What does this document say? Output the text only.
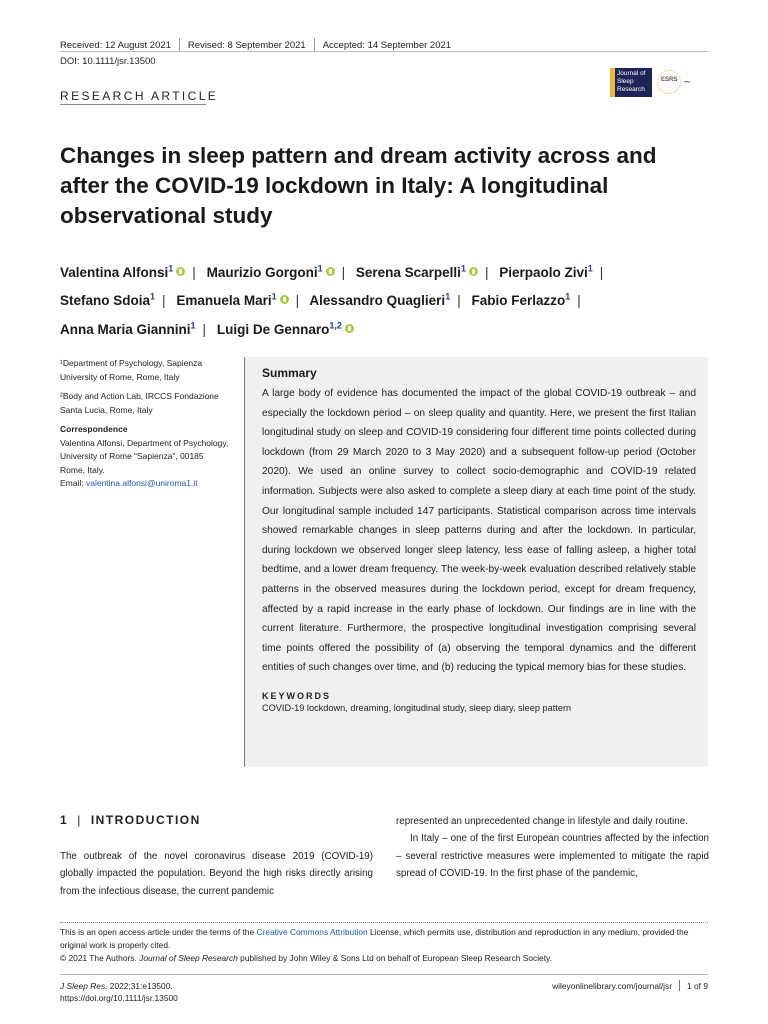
Received: 12 August 2021 Revised: 8 September 2021 Accepted: 14 September 2021
DOI: 10.1111/jsr.13500
RESEARCH ARTICLE
Journal of
Sleep
Research
ESRS ~
Changes in sleep pattern and dream activity across and after the COVID-19 lockdown in Italy: A longitudinal observational study
Valentina Alfonsi$^1$ | Maurizio Gorgoni$^1$ | Serena Scarpelli$^1$ | Pierpaolo Zivi$^1$ |
Stefano Sdoia$^1$ | Emanuela Mari$^1$ | Alessandro Quaglieri$^1$ | Fabio Ferlazzo$^1$ |
Anna Maria Giannini$^1$ | Luigi De Gennaro$^{1,2}$

¹Department of Psychology, Sapienza University of Rome, Rome, Italy

²Body and Action Lab, IRCCS Fondazione Santa Lucia, Rome, Italy

Correspondence

Valentina Alfonsi, Department of Psychology, University of Rome “Sapienza”, 00185 Rome, Italy.

Email: valentina.alfonsi@uniroma1.it

Summary

A large body of evidence has documented the impact of the global COVID-19 outbreak – and especially the lockdown period – on sleep quality and quantity. Here, we present the first Italian longitudinal study on sleep and COVID-19 considering four different time points collected during lockdown (from 29 March 2020 to 3 May 2020) and a subsequent follow-up period (October 2020). We used an online survey to collect socio-demographic and COVID-19 related information. Subjects were also asked to complete a sleep diary at each time point of the study. Our longitudinal sample included 147 participants. Statistical comparison across time intervals showed remarkable changes in sleep patterns during and after the lockdown. In particular, during lockdown we observed longer sleep latency, less ease of falling asleep, a higher total bedtime, and a lower dream frequency. The week-by-week evaluation described relatively stable patterns in the observed measures during the lockdown period, except for dream frequency, affected by a rapid increase in the early phase of lockdown. Our findings are in line with the current literature. Furthermore, the prospective longitudinal investigation comprising several time points offered the possibility of (a) observing the temporal dynamics and the different entities of such changes over time, and (b) reducing the typical memory bias for these studies.

KEYWORDS
COVID-19 lockdown, dreaming, longitudinal study, sleep diary, sleep pattern
1 | INTRODUCTION

The outbreak of the novel coronavirus disease 2019 (COVID-19) globally impacted the population. Beyond the high risks directly arising from the infectious disease, the current pandemic

represented an unprecedented change in lifestyle and daily routine.

In Italy – one of the first European countries affected by the infection – several restrictive measures were implemented to mitigate the rapid spread of COVID-19. In the first phase of the pandemic,

This is an open access article under the terms of the Creative Commons Attribution License, which permits use, distribution and reproduction in any medium, provided the original work is properly cited.

© 2021 The Authors. Journal of Sleep Research published by John Wiley & Sons Ltd on behalf of European Sleep Research Society.

J Sleep Res. 2022;31:e13500.
https://doi.org/10.1111/jsr.13500
wileyonlinelibrary.com/journal/jsr 1 of 9
